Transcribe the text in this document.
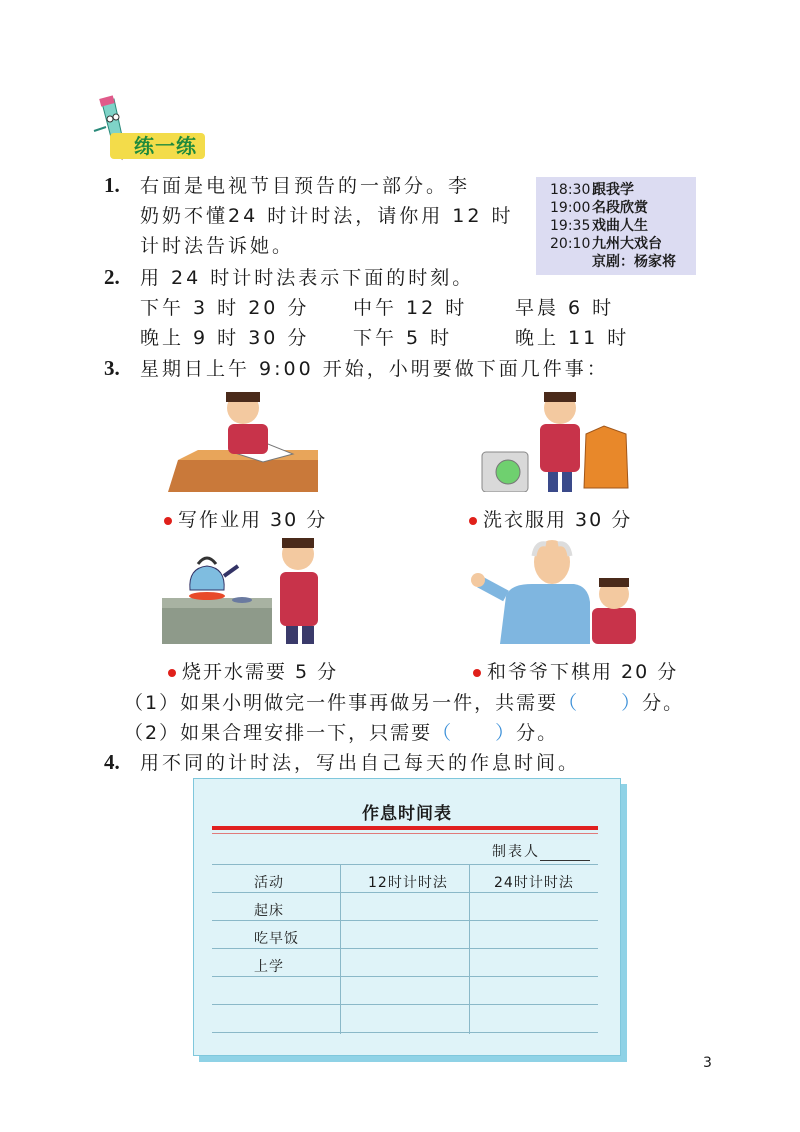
练一练
1. 右面是电视节目预告的一部分。李
奶奶不懂24 时计时法，请你用 12 时
计时法告诉她。
18:30 跟我学
19:00 名段欣赏
19:35 戏曲人生
20:10 九州大戏台
京剧：杨家将
2. 用 24 时计时法表示下面的时刻。
下午 3 时 20 分 中午 12 时	早晨 6 时
晚上 9 时 30 分 下午 5 时	晚上 11 时
3. 星期日上午 9:00 开始，小明要做下面几件事：
写作业用 30 分	洗衣服用 30 分
烧开水需要 5 分	和爷爷下棋用 20 分
（1）如果小明做完一件事再做另一件，共需要（　　）分。
（2）如果合理安排一下，只需要（　　）分。
4. 用不同的计时法，写出自己每天的作息时间。
作息时间表
制表人
活动	12时计时法	24时计时法
起床
吃早饭
上学
3
